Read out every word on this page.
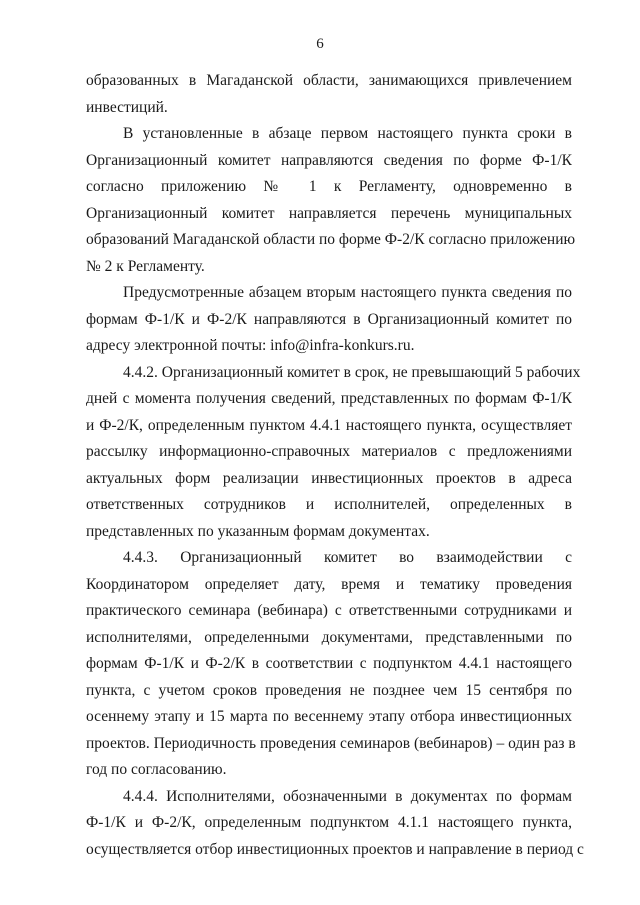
6
образованных в Магаданской области, занимающихся привлечением
инвестиций.
В установленные в абзаце первом настоящего пункта сроки в
Организационный комитет направляются сведения по форме Ф-1/К
согласно приложению № 1 к Регламенту, одновременно в
Организационный комитет направляется перечень муниципальных
образований Магаданской области по форме Ф-2/К согласно приложению
№ 2 к Регламенту.
Предусмотренные абзацем вторым настоящего пункта сведения по
формам Ф-1/К и Ф-2/К направляются в Организационный комитет по
адресу электронной почты: info@infra-konkurs.ru.
4.4.2. Организационный комитет в срок, не превышающий 5 рабочих
дней с момента получения сведений, представленных по формам Ф-1/К
и Ф-2/К, определенным пунктом 4.4.1 настоящего пункта, осуществляет
рассылку информационно-справочных материалов с предложениями
актуальных форм реализации инвестиционных проектов в адреса
ответственных сотрудников и исполнителей, определенных в
представленных по указанным формам документах.
4.4.3. Организационный комитет во взаимодействии с
Координатором определяет дату, время и тематику проведения
практического семинара (вебинара) с ответственными сотрудниками и
исполнителями, определенными документами, представленными по
формам Ф-1/К и Ф-2/К в соответствии с подпунктом 4.4.1 настоящего
пункта, с учетом сроков проведения не позднее чем 15 сентября по
осеннему этапу и 15 марта по весеннему этапу отбора инвестиционных
проектов. Периодичность проведения семинаров (вебинаров) – один раз в
год по согласованию.
4.4.4. Исполнителями, обозначенными в документах по формам
Ф-1/К и Ф-2/К, определенным подпунктом 4.1.1 настоящего пункта,
осуществляется отбор инвестиционных проектов и направление в период с
